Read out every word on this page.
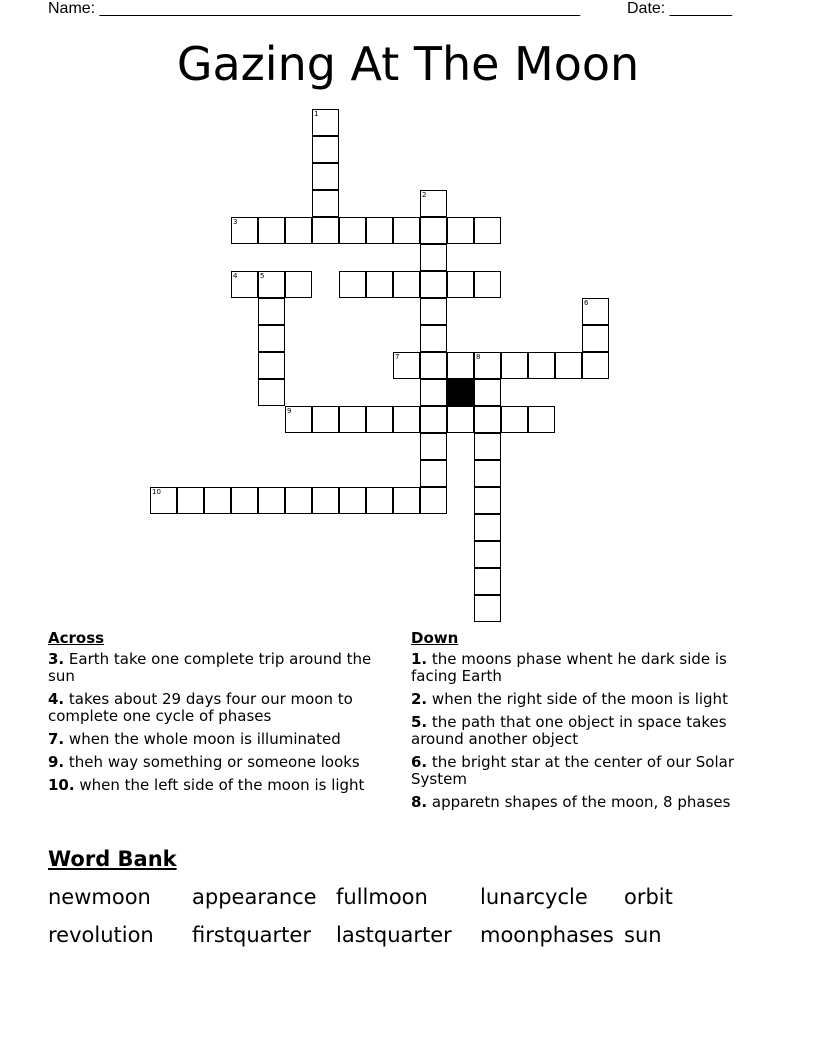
Name: ______________________________________________________	Date: _______
Gazing At The Moon
1
2
3
4	5
6
7	8
9
10
Across
3. Earth take one complete trip around the sun
4. takes about 29 days four our moon to complete one cycle of phases
7. when the whole moon is illuminated
9. theh way something or someone looks
10. when the left side of the moon is light
Down
1. the moons phase whent he dark side is facing Earth
2. when the right side of the moon is light
5. the path that one object in space takes around another object
6. the bright star at the center of our Solar System
8. apparetn shapes of the moon, 8 phases
Word Bank
newmoon appearance fullmoon lunarcycle orbit
revolution firstquarter lastquarter moonphases sun
